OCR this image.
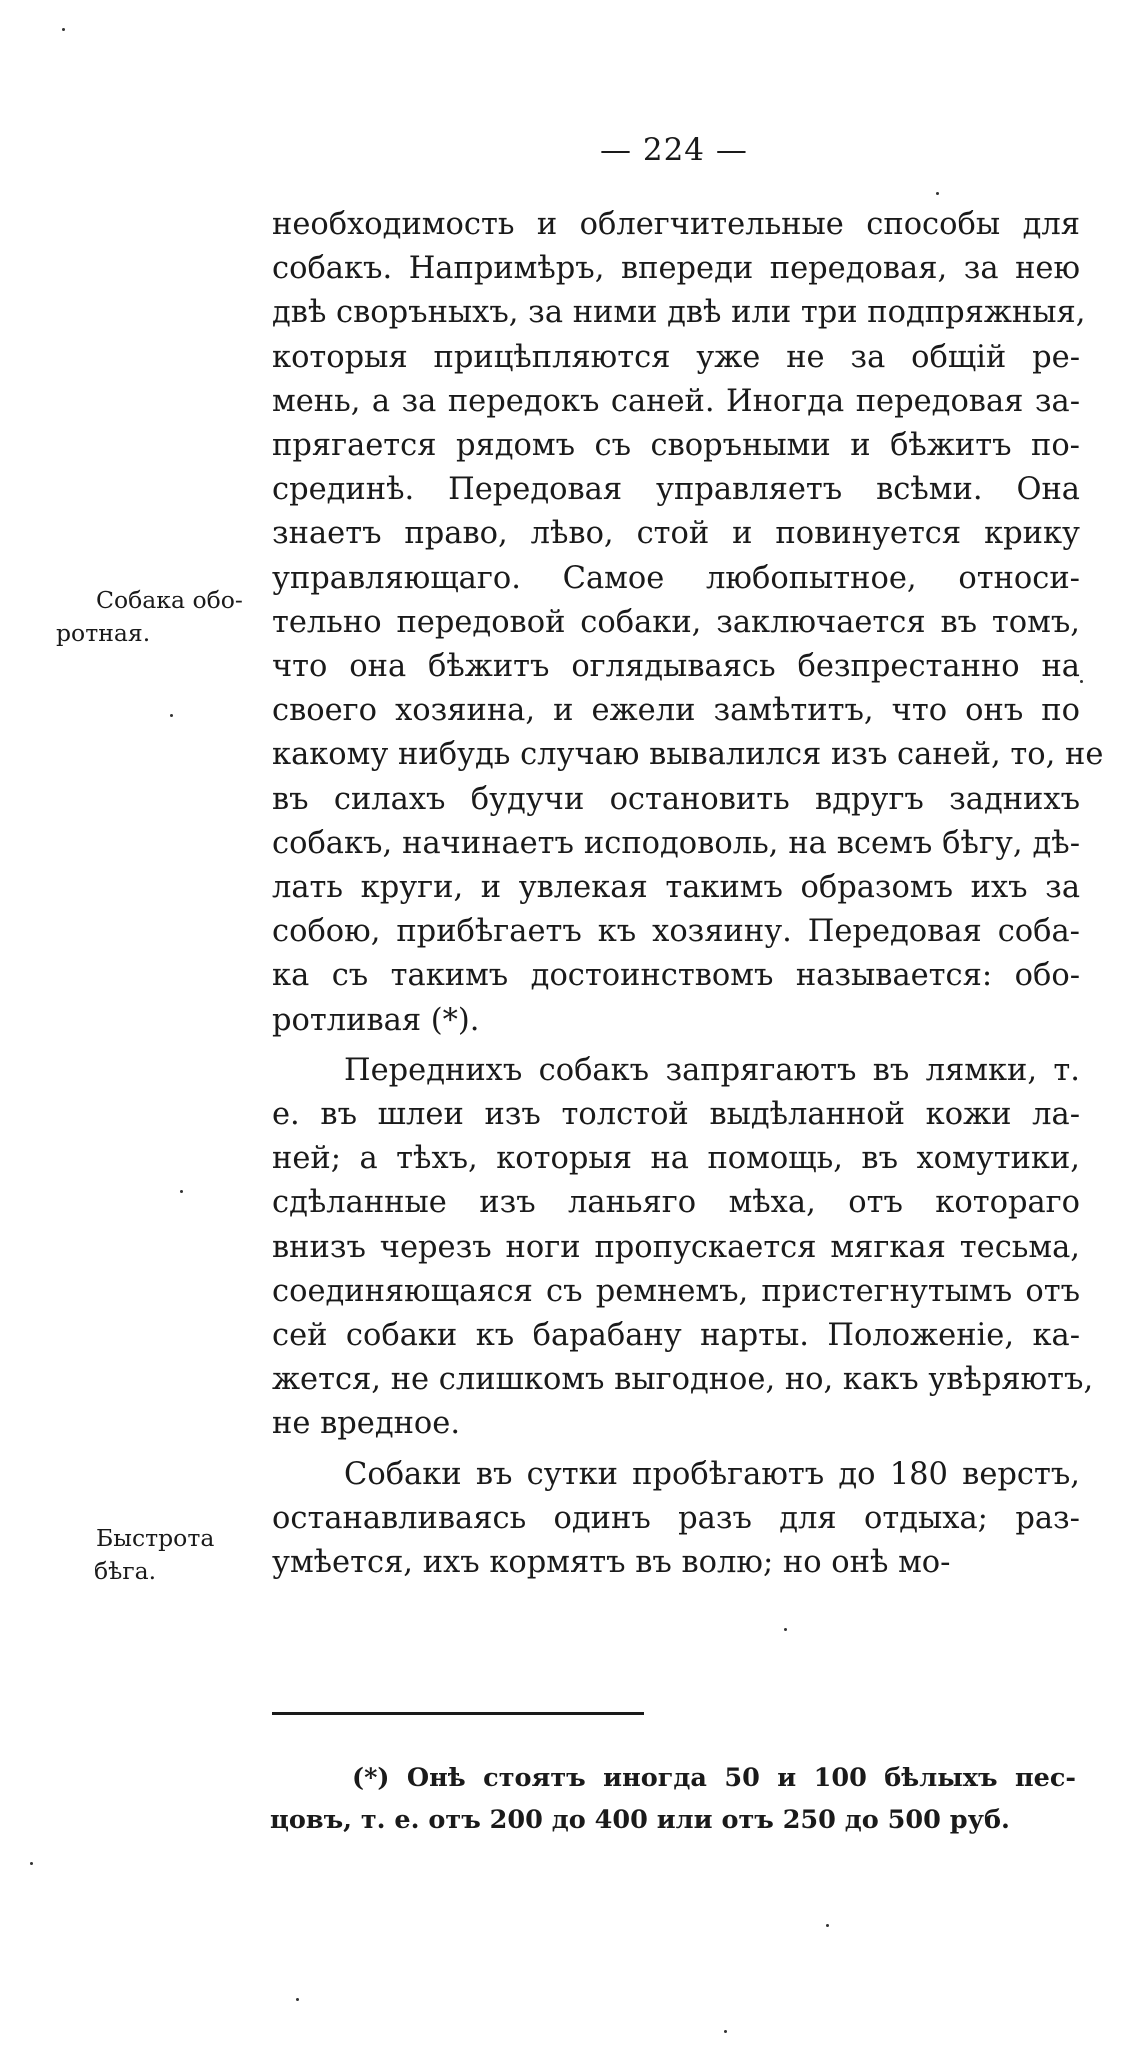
— 224 —
необходимость и облегчительные способы для
собакъ. Напримѣръ, впереди передовая, за нею
двѣ своръныхъ, за ними двѣ или три подпряжныя,
которыя прицѣпляются уже не за общій ре-
мень, а за передокъ саней. Иногда передовая за-
прягается рядомъ съ своръными и бѣжитъ по-
срединѣ. Передовая управляетъ всѣми. Она
знаетъ право, лѣво, стой и повинуется крику
управляющаго. Самое любопытное, относи-
тельно передовой собаки, заключается въ томъ,
что она бѣжитъ оглядываясь безпрестанно на
своего хозяина, и ежели замѣтитъ, что онъ по
какому нибудь случаю вывалился изъ саней, то, не
въ силахъ будучи остановить вдругъ заднихъ
собакъ, начинаетъ исподоволь, на всемъ бѣгу, дѣ-
лать круги, и увлекая такимъ образомъ ихъ за
собою, прибѣгаетъ къ хозяину. Передовая соба-
ка съ такимъ достоинствомъ называется: обо-
ротливая (*).
Переднихъ собакъ запрягаютъ въ лямки, т.
е. въ шлеи изъ толстой выдѣланной кожи ла-
ней; а тѣхъ, которыя на помощь, въ хомутики,
сдѣланные изъ ланьяго мѣха, отъ котораго
внизъ черезъ ноги пропускается мягкая тесьма,
соединяющаяся съ ремнемъ, пристегнутымъ отъ
сей собаки къ барабану нарты. Положеніе, ка-
жется, не слишкомъ выгодное, но, какъ увѣряютъ,
не вредное.
Собаки въ сутки пробѣгаютъ до 180 верстъ,
останавливаясь одинъ разъ для отдыха; раз-
умѣется, ихъ кормятъ въ волю; но онѣ мо-
Собака обо-
ротная.
Быстрота
бѣга.
(*) Онѣ стоятъ иногда 50 и 100 бѣлыхъ пес-
цовъ, т. е. отъ 200 до 400 или отъ 250 до 500 руб.
